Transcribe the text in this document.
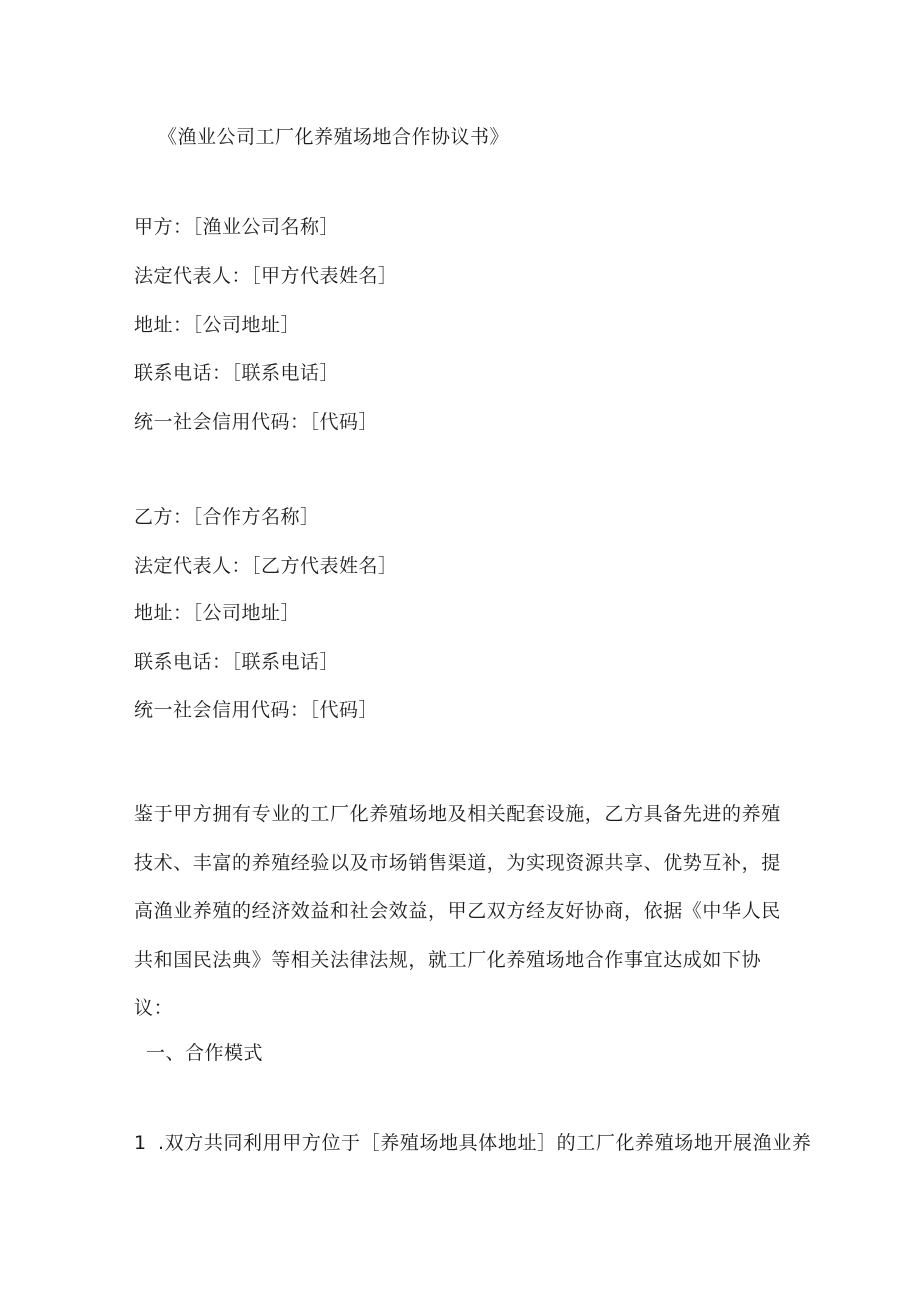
《渔业公司工厂化养殖场地合作协议书》
甲方：［渔业公司名称］
法定代表人：［甲方代表姓名］
地址：［公司地址］
联系电话：［联系电话］
统一社会信用代码：［代码］
乙方：［合作方名称］
法定代表人：［乙方代表姓名］
地址：［公司地址］
联系电话：［联系电话］
统一社会信用代码：［代码］
鉴于甲方拥有专业的工厂化养殖场地及相关配套设施，乙方具备先进的养殖技术、丰富的养殖经验以及市场销售渠道，为实现资源共享、优势互补，提高渔业养殖的经济效益和社会效益，甲乙双方经友好协商，依据《中华人民共和国民法典》等相关法律法规，就工厂化养殖场地合作事宜达成如下协议：
一、合作模式
1 .双方共同利用甲方位于［养殖场地具体地址］的工厂化养殖场地开展渔业养
